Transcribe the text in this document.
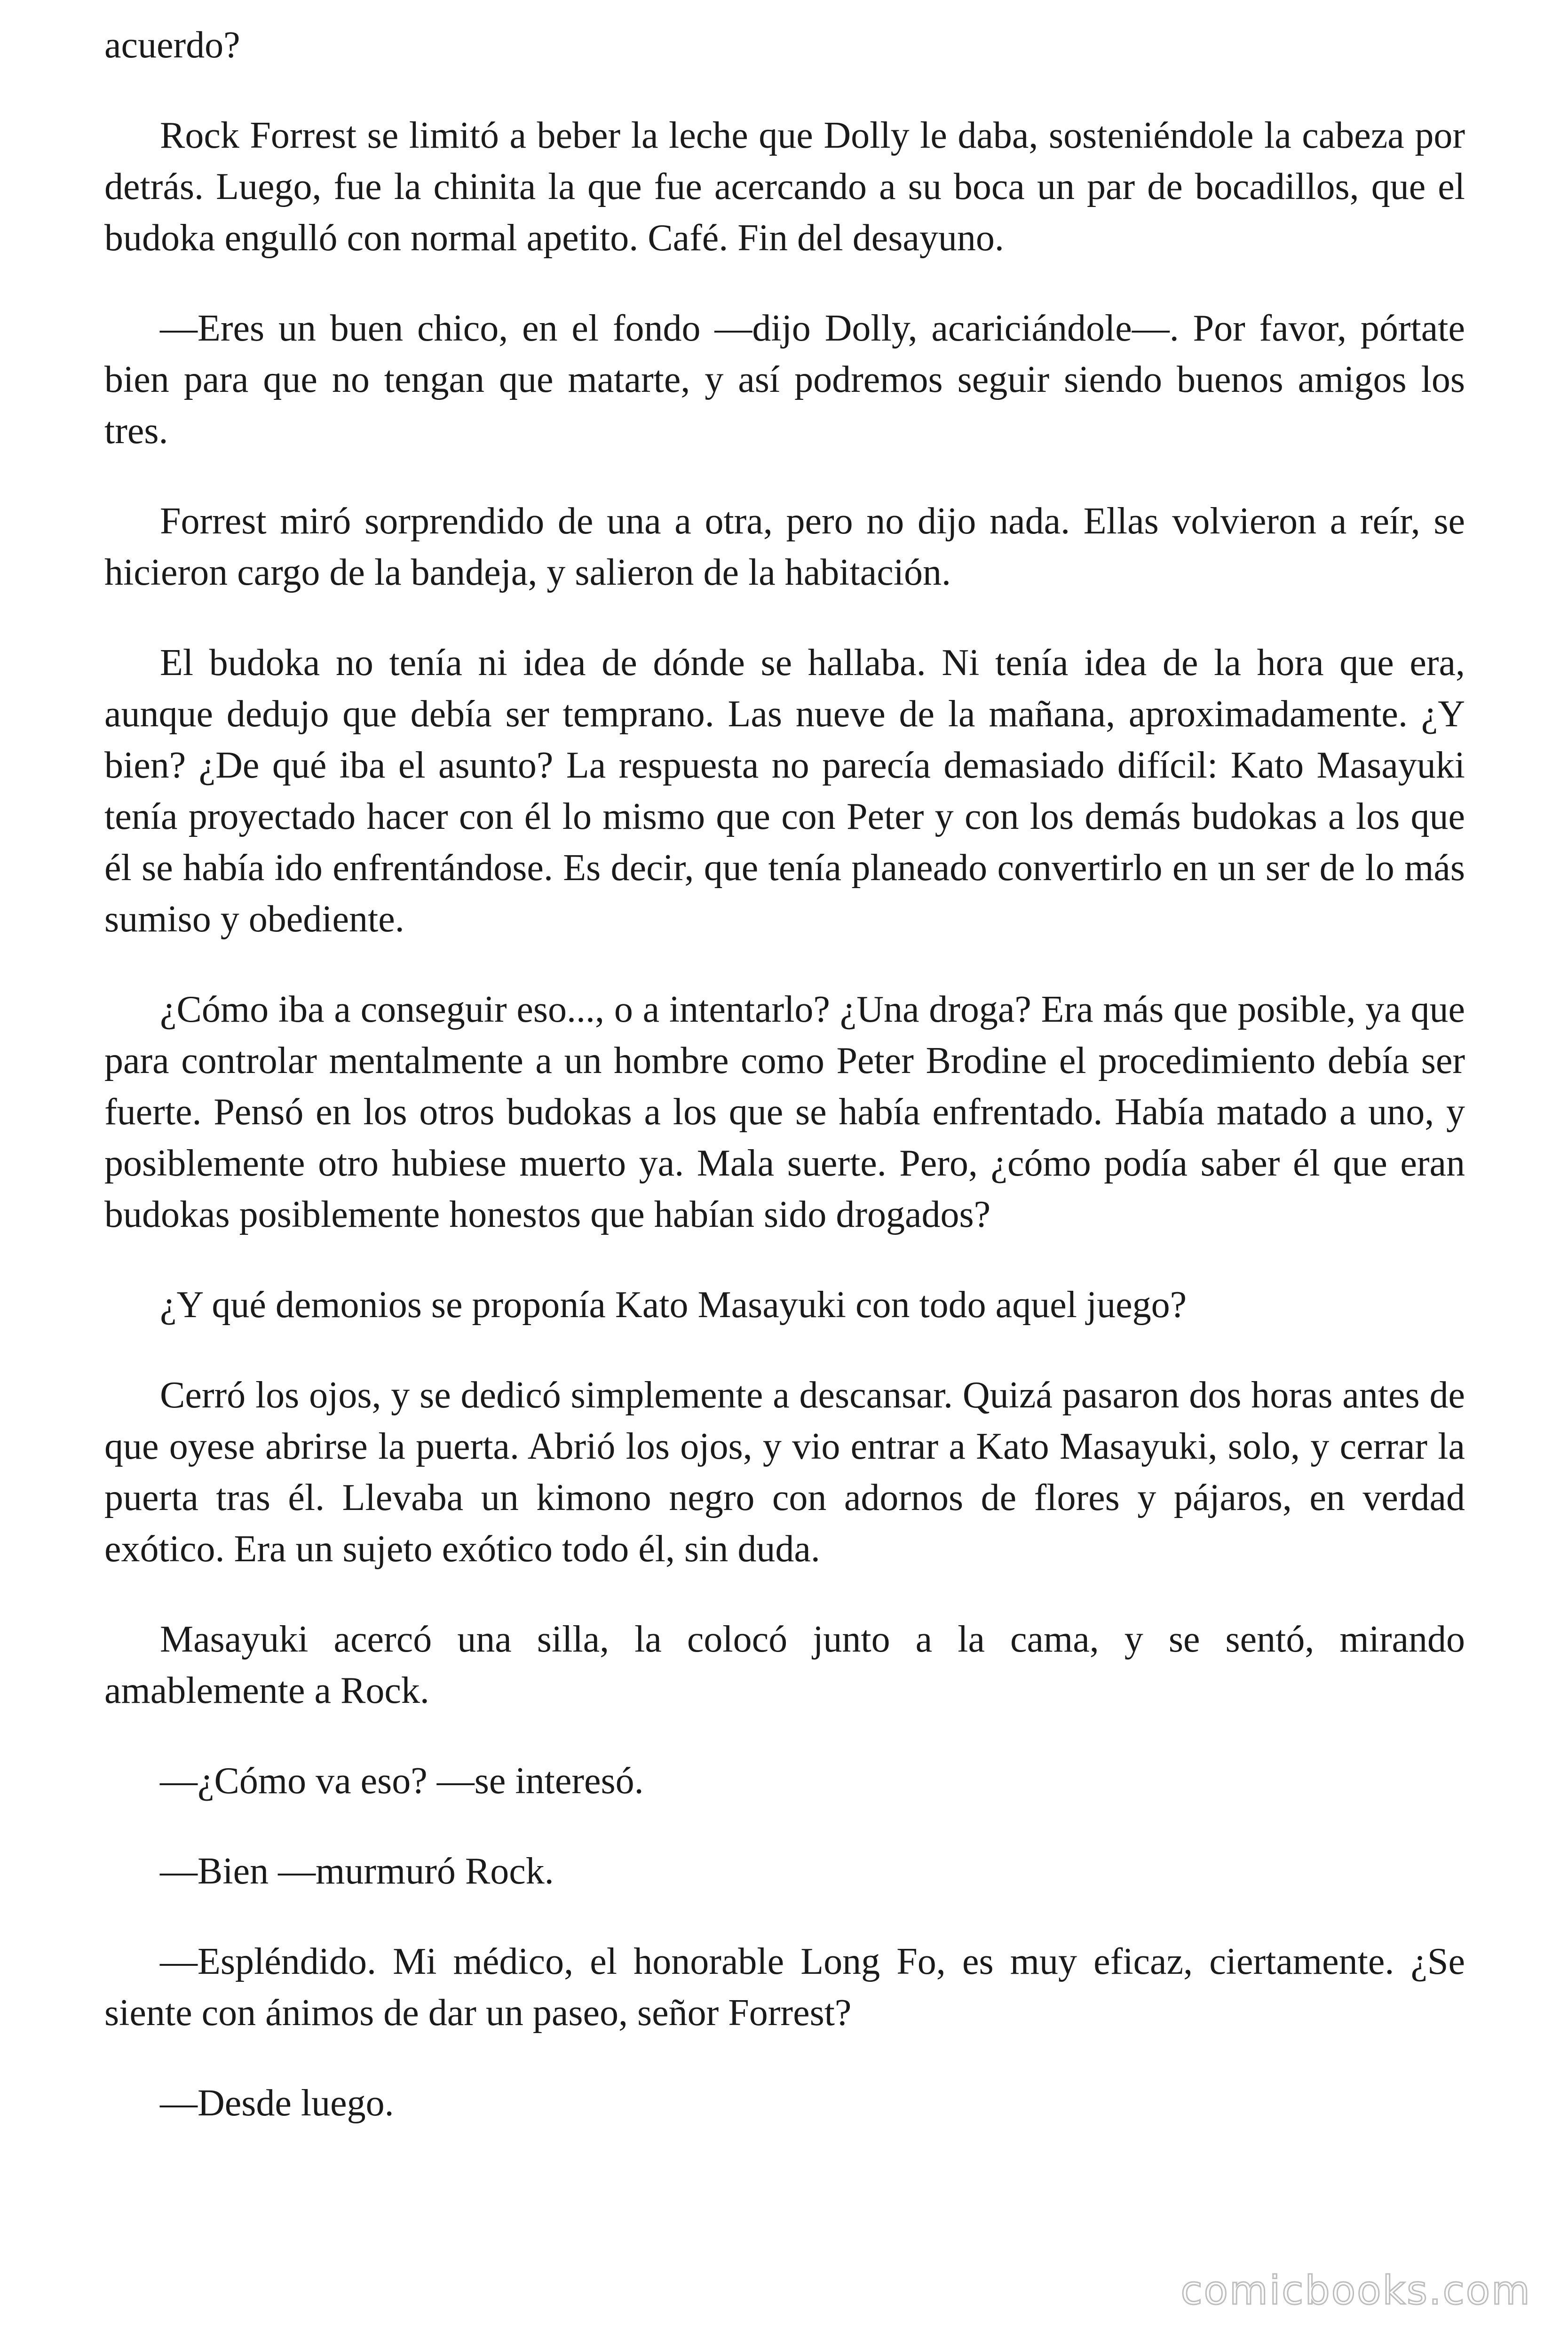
acuerdo?

Rock Forrest se limitó a beber la leche que Dolly le daba, sosteniéndole la cabeza por detrás. Luego, fue la chinita la que fue acercando a su boca un par de bocadillos, que el budoka engulló con normal apetito. Café. Fin del desayuno.

—Eres un buen chico, en el fondo —dijo Dolly, acariciándole—. Por favor, pórtate bien para que no tengan que matarte, y así podremos seguir siendo buenos amigos los tres.

Forrest miró sorprendido de una a otra, pero no dijo nada. Ellas volvieron a reír, se hicieron cargo de la bandeja, y salieron de la habitación.

El budoka no tenía ni idea de dónde se hallaba. Ni tenía idea de la hora que era, aunque dedujo que debía ser temprano. Las nueve de la mañana, aproximadamente. ¿Y bien? ¿De qué iba el asunto? La respuesta no parecía demasiado difícil: Kato Masayuki tenía proyectado hacer con él lo mismo que con Peter y con los demás budokas a los que él se había ido enfrentándose. Es decir, que tenía planeado convertirlo en un ser de lo más sumiso y obediente.

¿Cómo iba a conseguir eso..., o a intentarlo? ¿Una droga? Era más que posible, ya que para controlar mentalmente a un hombre como Peter Brodine el procedimiento debía ser fuerte. Pensó en los otros budokas a los que se había enfrentado. Había matado a uno, y posiblemente otro hubiese muerto ya. Mala suerte. Pero, ¿cómo podía saber él que eran budokas posiblemente honestos que habían sido drogados?

¿Y qué demonios se proponía Kato Masayuki con todo aquel juego?

Cerró los ojos, y se dedicó simplemente a descansar. Quizá pasaron dos horas antes de que oyese abrirse la puerta. Abrió los ojos, y vio entrar a Kato Masayuki, solo, y cerrar la puerta tras él. Llevaba un kimono negro con adornos de flores y pájaros, en verdad exótico. Era un sujeto exótico todo él, sin duda.

Masayuki acercó una silla, la colocó junto a la cama, y se sentó, mirando amablemente a Rock.

—¿Cómo va eso? —se interesó.

—Bien —murmuró Rock.

—Espléndido. Mi médico, el honorable Long Fo, es muy eficaz, ciertamente. ¿Se siente con ánimos de dar un paseo, señor Forrest?

—Desde luego.

comicbooks.com
